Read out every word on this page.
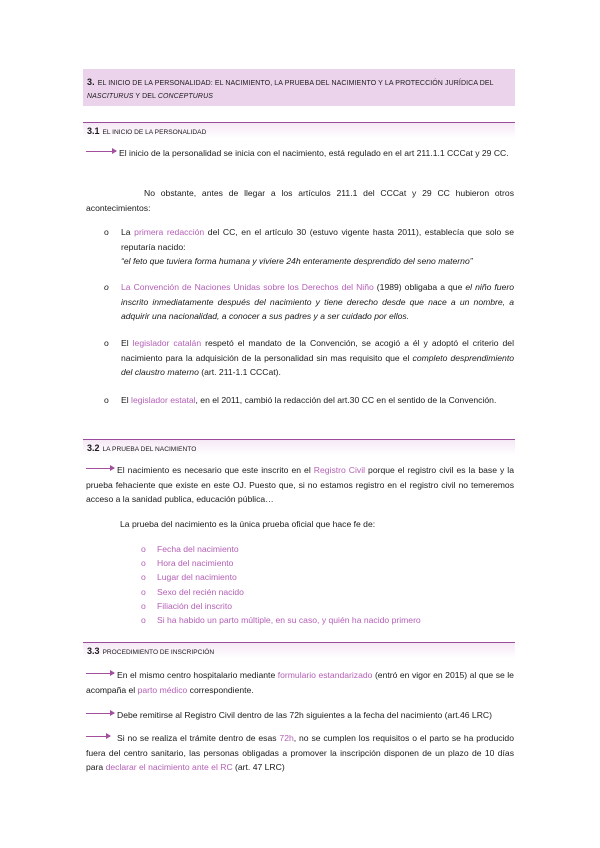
3. EL INICIO DE LA PERSONALIDAD: EL NACIMIENTO, LA PRUEBA DEL NACIMIENTO Y LA PROTECCIÓN JURÍDICA DEL NASCITURUS Y DEL CONCEPTURUS
3.1 EL INICIO DE LA PERSONALIDAD
El inicio de la personalidad se inicia con el nacimiento, está regulado en el art 211.1.1 CCCat y 29 CC.
No obstante, antes de llegar a los artículos 211.1 del CCCat y 29 CC hubieron otros acontecimientos:
o La primera redacción del CC, en el artículo 30 (estuvo vigente hasta 2011), establecía que solo se reputaría nacido:
“el feto que tuviera forma humana y viviere 24h enteramente desprendido del seno materno”
o La Convención de Naciones Unidas sobre los Derechos del Niño (1989) obligaba a que el niño fuero inscrito inmediatamente después del nacimiento y tiene derecho desde que nace a un nombre, a adquirir una nacionalidad, a conocer a sus padres y a ser cuidado por ellos.
o El legislador catalán respetó el mandato de la Convención, se acogió a él y adoptó el criterio del nacimiento para la adquisición de la personalidad sin mas requisito que el completo desprendimiento del claustro materno (art. 211-1.1 CCCat).
o El legislador estatal, en el 2011, cambió la redacción del art.30 CC en el sentido de la Convención.
3.2 LA PRUEBA DEL NACIMIENTO
El nacimiento es necesario que este inscrito en el Registro Civil porque el registro civil es la base y la prueba fehaciente que existe en este OJ. Puesto que, si no estamos registro en el registro civil no temeremos acceso a la sanidad publica, educación pública…
La prueba del nacimiento es la única prueba oficial que hace fe de:
o Fecha del nacimiento
o Hora del nacimiento
o Lugar del nacimiento
o Sexo del recién nacido
o Filiación del inscrito
o Si ha habido un parto múltiple, en su caso, y quién ha nacido primero
3.3 PROCEDIMIENTO DE INSCRIPCIÓN
En el mismo centro hospitalario mediante formulario estandarizado (entró en vigor en 2015) al que se le acompaña el parto médico correspondiente.
Debe remitirse al Registro Civil dentro de las 72h siguientes a la fecha del nacimiento (art.46 LRC)
Si no se realiza el trámite dentro de esas 72h, no se cumplen los requisitos o el parto se ha producido fuera del centro sanitario, las personas obligadas a promover la inscripción disponen de un plazo de 10 días para declarar el nacimiento ante el RC (art. 47 LRC)
